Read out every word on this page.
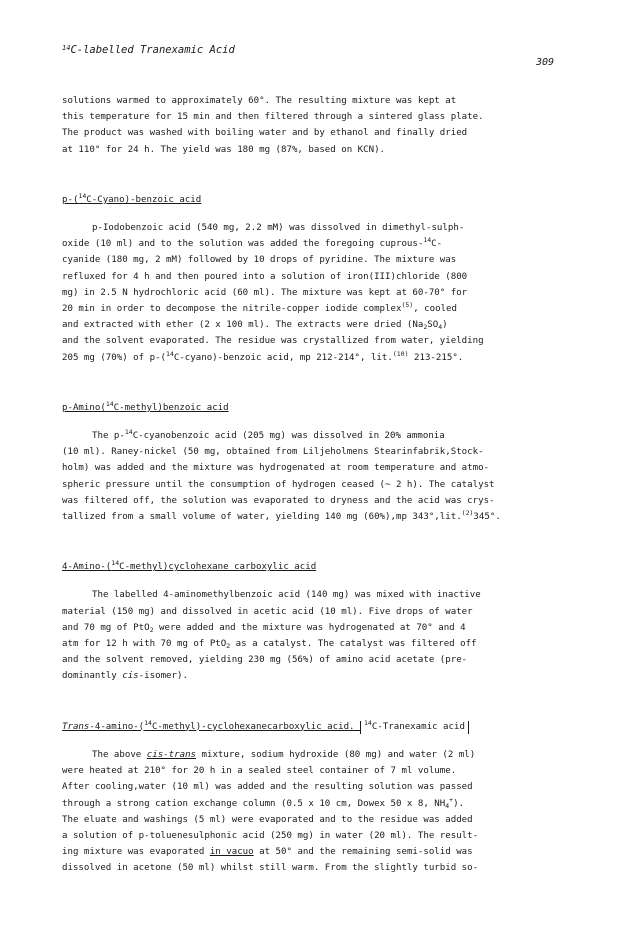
$^{14}$C-labelled Tranexamic Acid
309

solutions warmed to approximately 60°. The resulting mixture was kept at

this temperature for 15 min and then filtered through a sintered glass plate.

The product was washed with boiling water and by ethanol and finally dried

at 110° for 24 h. The yield was 180 mg (87%, based on KCN).

p-($^{14}$C-Cyano)-benzoic acid

p-Iodobenzoic acid (540 mg, 2.2 mM) was dissolved in dimethyl-sulph-

oxide (10 ml) and to the solution was added the foregoing cuprous-$^{14}$C-

cyanide (180 mg, 2 mM) followed by 10 drops of pyridine. The mixture was

refluxed for 4 h and then poured into a solution of iron(III)chloride (800

mg) in 2.5 N hydrochloric acid (60 ml). The mixture was kept at 60-70° for

20 min in order to decompose the nitrile-copper iodide complex$^{(5)}$, cooled

and extracted with ether (2 x 100 ml). The extracts were dried $(Na_2SO_4)$

and the solvent evaporated. The residue was crystallized from water, yielding

205 mg (70%) of p-($^{14}$C-cyano)-benzoic acid, mp 212-214°, lit.$^{(10)}$ 213-215°.

p-Amino($^{14}$C-methyl)benzoic acid

The p-$^{14}$C-cyanobenzoic acid (205 mg) was dissolved in 20% ammonia

(10 ml). Raney-nickel (50 mg, obtained from Liljeholmens Stearinfabrik,Stock-

holm) was added and the mixture was hydrogenated at room temperature and atmo-

spheric pressure until the consumption of hydrogen ceased (~ 2 h). The catalyst

was filtered off, the solution was evaporated to dryness and the acid was crys-

tallized from a small volume of water, yielding 140 mg (60%),mp 343°,lit.$^{(2)}$345°.

4-Amino-($^{14}$C-methyl)cyclohexane carboxylic acid

The labelled 4-aminomethylbenzoic acid (140 mg) was mixed with inactive

material (150 mg) and dissolved in acetic acid (10 ml). Five drops of water

and 70 mg of PtO$_2$ were added and the mixture was hydrogenated at 70° and 4

atm for 12 h with 70 mg of PtO$_2$ as a catalyst. The catalyst was filtered off

and the solvent removed, yielding 230 mg (56%) of amino acid acetate (pre-

dominantly cis-isomer).

Trans-4-amino-($^{14}$C-methyl)-cyclohexanecarboxylic acid. $^{14}$C-Tranexamic acid

The above cis-trans mixture, sodium hydroxide (80 mg) and water (2 ml)

were heated at 210° for 20 h in a sealed steel container of 7 ml volume.

After cooling,water (10 ml) was added and the resulting solution was passed

through a strong cation exchange column (0.5 x 10 cm, Dowex 50 x 8, $NH_4^+$).

The eluate and washings (5 ml) were evaporated and to the residue was added

a solution of p-toluenesulphonic acid (250 mg) in water (20 ml). The result-

ing mixture was evaporated in vacuo at 50° and the remaining semi-solid was

dissolved in acetone (50 ml) whilst still warm. From the slightly turbid so-
